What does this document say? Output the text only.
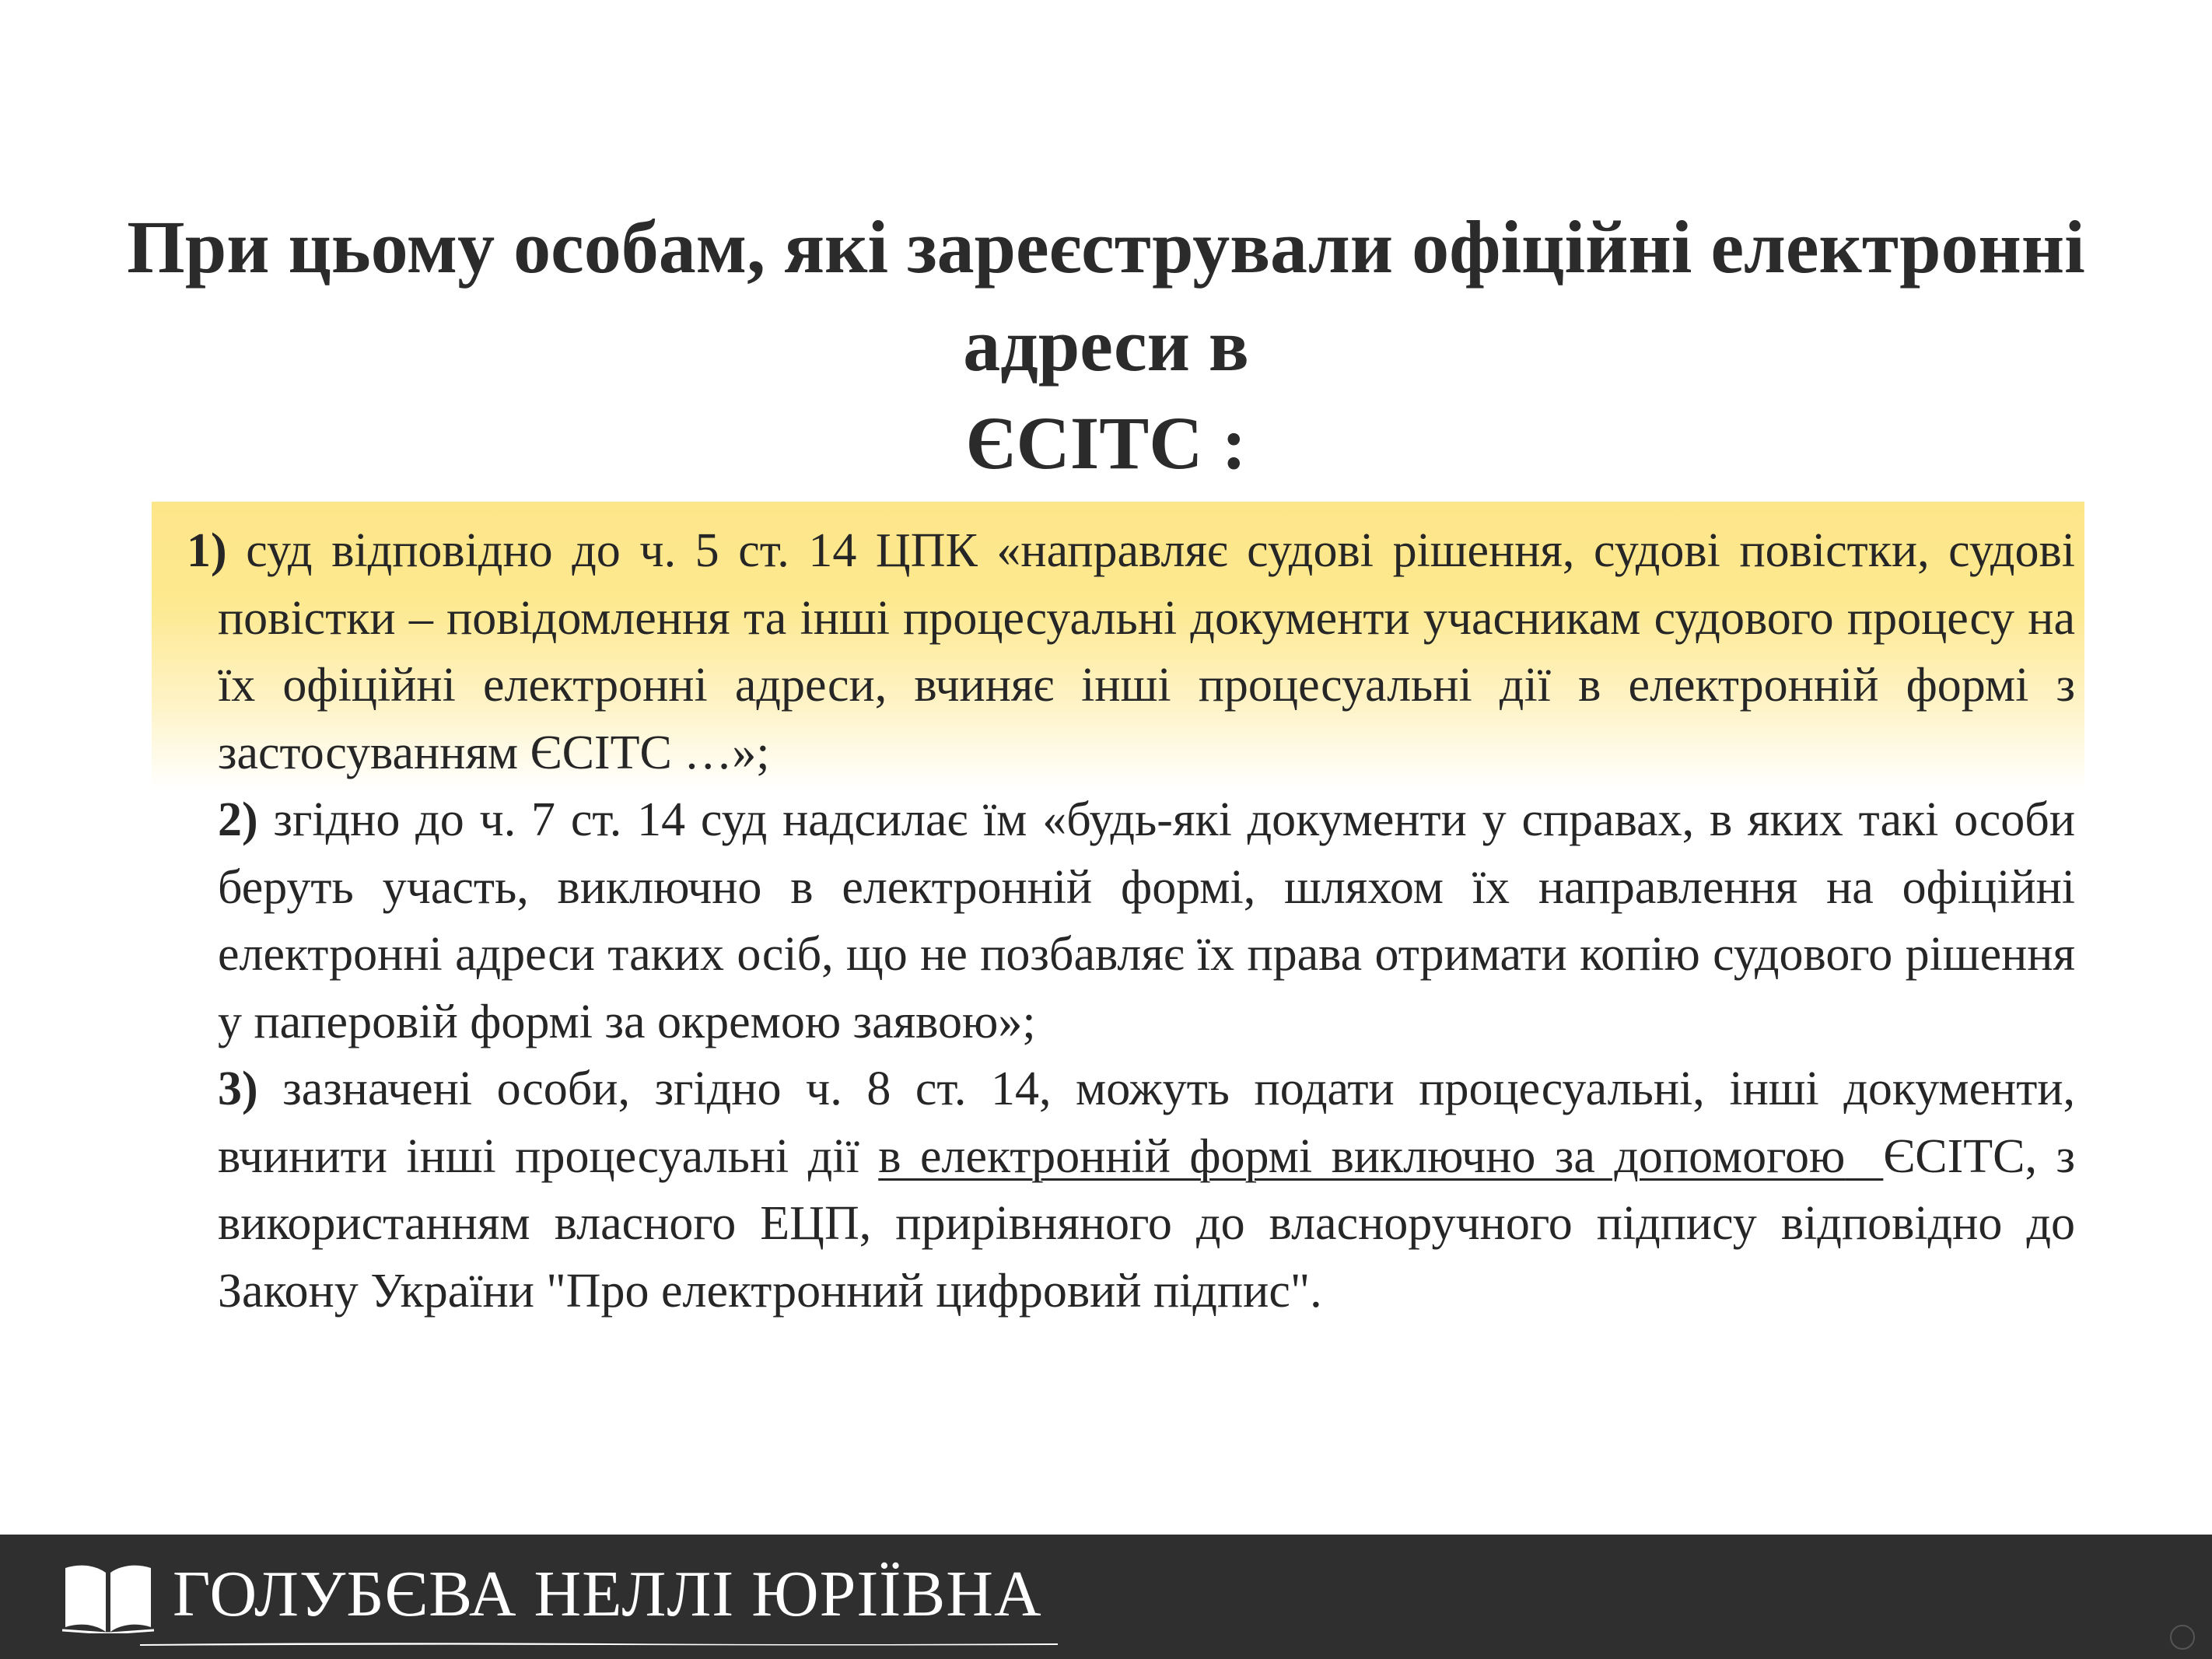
При цьому особам, які зареєстрували офіційні електронні
адреси в
ЄСІТС :

1) суд відповідно до ч. 5 ст. 14 ЦПК «направляє судові рішення, судові повістки, судові повістки – повідомлення та інші процесуальні документи учасникам судового процесу на їх офіційні електронні адреси, вчиняє інші процесуальні дії в електронній формі з застосуванням ЄСІТС …»;

2) згідно до ч. 7 ст. 14 суд надсилає їм «будь-які документи у справах, в яких такі особи беруть участь, виключно в електронній формі, шляхом їх направлення на офіційні електронні адреси таких осіб, що не позбавляє їх права отримати копію судового рішення у паперовій формі за окремою заявою»;

3) зазначені особи, згідно ч. 8 ст. 14, можуть подати процесуальні, інші документи, вчинити інші процесуальні дії в електронній формі виключно за допомогою ЄСІТС, з використанням власного ЕЦП, прирівняного до власноручного підпису відповідно до Закону України "Про електронний цифровий підпис".

ГОЛУБЄВА НЕЛЛІ ЮРІЇВНА
